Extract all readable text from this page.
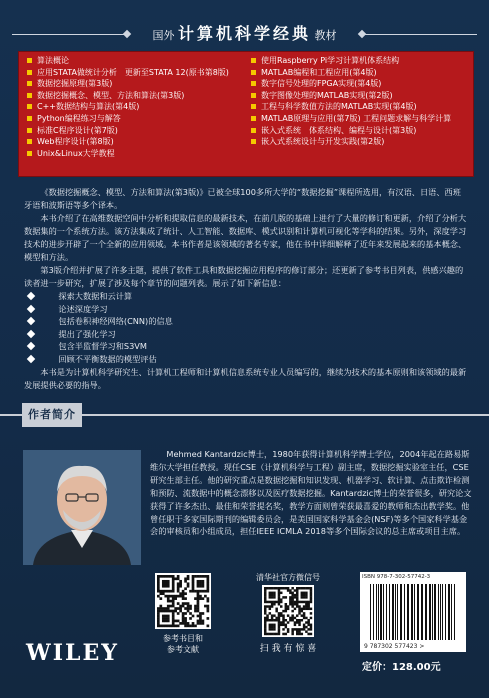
国外 计算机科学经典 教材
算法概论
应用STATA做统计分析　更新至STATA 12(原书第8版)
数据挖掘原理(第3版)
数据挖掘概念、模型、方法和算法(第3版)
C++数据结构与算法(第4版)
Python编程练习与解答
标准C程序设计(第7版)
Web程序设计(第8版)
Unix&Linux大学教程
使用Raspberry Pi学习计算机体系结构
MATLAB编程和工程应用(第4版)
数字信号处理的FPGA实现(第4版)
数字图像处理的MATLAB实现(第2版)
工程与科学数值方法的MATLAB实现(第4版)
MATLAB原理与应用(第7版) 工程问题求解与科学计算
嵌入式系统　体系结构、编程与设计(第3版)
嵌入式系统设计与开发实践(第2版)

《数据挖掘概念、模型、方法和算法(第3版)》已被全球100多所大学的“数据挖掘”课程所选用，有汉语、日语、西班牙语和波斯语等多个译本。

本书介绍了在高维数据空间中分析和提取信息的最新技术，在前几版的基础上进行了大量的修订和更新，介绍了分析大数据集的一个系统方法。该方法集成了统计、人工智能、数据库、模式识别和计算机可视化等学科的结果。另外，深度学习技术的进步开辟了一个全新的应用领域。本书作者是该领域的著名专家，他在书中详细解释了近年来发展起来的基本概念、模型和方法。

第3版介绍并扩展了许多主题，提供了软件工具和数据挖掘应用程序的修订部分；还更新了参考书目列表，供感兴趣的读者进一步研究，扩展了涉及每个章节的问题列表。展示了如下新信息：

探索大数据和云计算

论述深度学习

包括卷积神经网络(CNN)的信息

提出了强化学习

包含半监督学习和S3VM

回顾不平衡数据的模型评估

本书是为计算机科学研究生、计算机工程师和计算机信息系统专业人员编写的，继续为技术的基本原则和该领域的最新发展提供必要的指导。

作者简介

Mehmed Kantardzic博士，1980年获得计算机科学博士学位，2004年起在路易斯维尔大学担任教授。现任CSE（计算机科学与工程）副主席，数据挖掘实验室主任，CSE研究生部主任。他的研究重点是数据挖掘和知识发现、机器学习、软计算、点击欺诈检测和预防、流数据中的概念漂移以及医疗数据挖掘。Kantardzic博士的荣誉很多，研究论文获得了许多杰出、最佳和荣誉提名奖，教学方面则曾荣获最喜爱的教师和杰出教学奖。他曾任职于多家国际期刊的编辑委员会，是美国国家科学基金会(NSF)等多个国家科学基金会的审核员和小组成员，担任IEEE ICMLA 2018等多个国际会议的总主席或项目主席。

参考书目和
参考文献
清华社官方微信号
扫 我 有 惊 喜
WILEY
ISBN 978-7-302-57742-3
9 787302 577423 >
定价：128.00元
